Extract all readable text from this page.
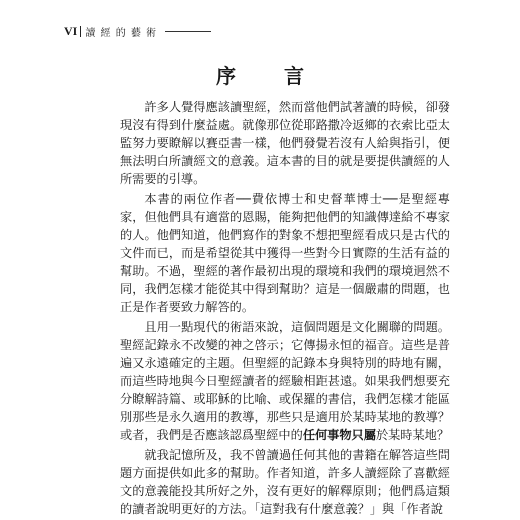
VI 讀 經 的 藝 術
序　言

許多人覺得應該讀聖經，然而當他們試著讀的時候，卻發現沒有得到什麼益處。就像那位從耶路撒冷返鄉的衣索比亞太監努力要瞭解以賽亞書一樣，他們發覺若沒有人給與指引，便無法明白所讀經文的意義。這本書的目的就是要提供讀經的人所需要的引導。

本書的兩位作者──費依博士和史督華博士──是聖經專家，但他們具有適當的恩賜，能夠把他們的知識傳達給不專家的人。他們知道，他們寫作的對象不想把聖經看成只是古代的文件而已，而是希望從其中獲得一些對今日實際的生活有益的幫助。不過，聖經的著作最初出現的環境和我們的環境迥然不同，我們怎樣才能從其中得到幫助？這是一個嚴肅的問題，也正是作者要致力解答的。

且用一點現代的術語來說，這個問題是文化關聯的問題。聖經記錄永不改變的神之啓示；它傳揚永恒的福音。這些是普遍又永遠確定的主題。但聖經的記錄本身與特別的時地有關，而這些時地與今日聖經讀者的經驗相距甚遠。如果我們想要充分瞭解詩篇、或耶穌的比喻、或保羅的書信，我們怎樣才能區別那些是永久適用的教導，那些只是適用於某時某地的教導？或者，我們是否應該認爲聖經中的任何事物只屬於某時某地？

就我記憶所及，我不曾讀過任何其他的書籍在解答這些問題方面提供如此多的幫助。作者知道，許多人讀經除了喜歡經文的意義能投其所好之外，沒有更好的解釋原則；他們爲這類的讀者說明更好的方法。「這對我有什麼意義？」與「作者說
